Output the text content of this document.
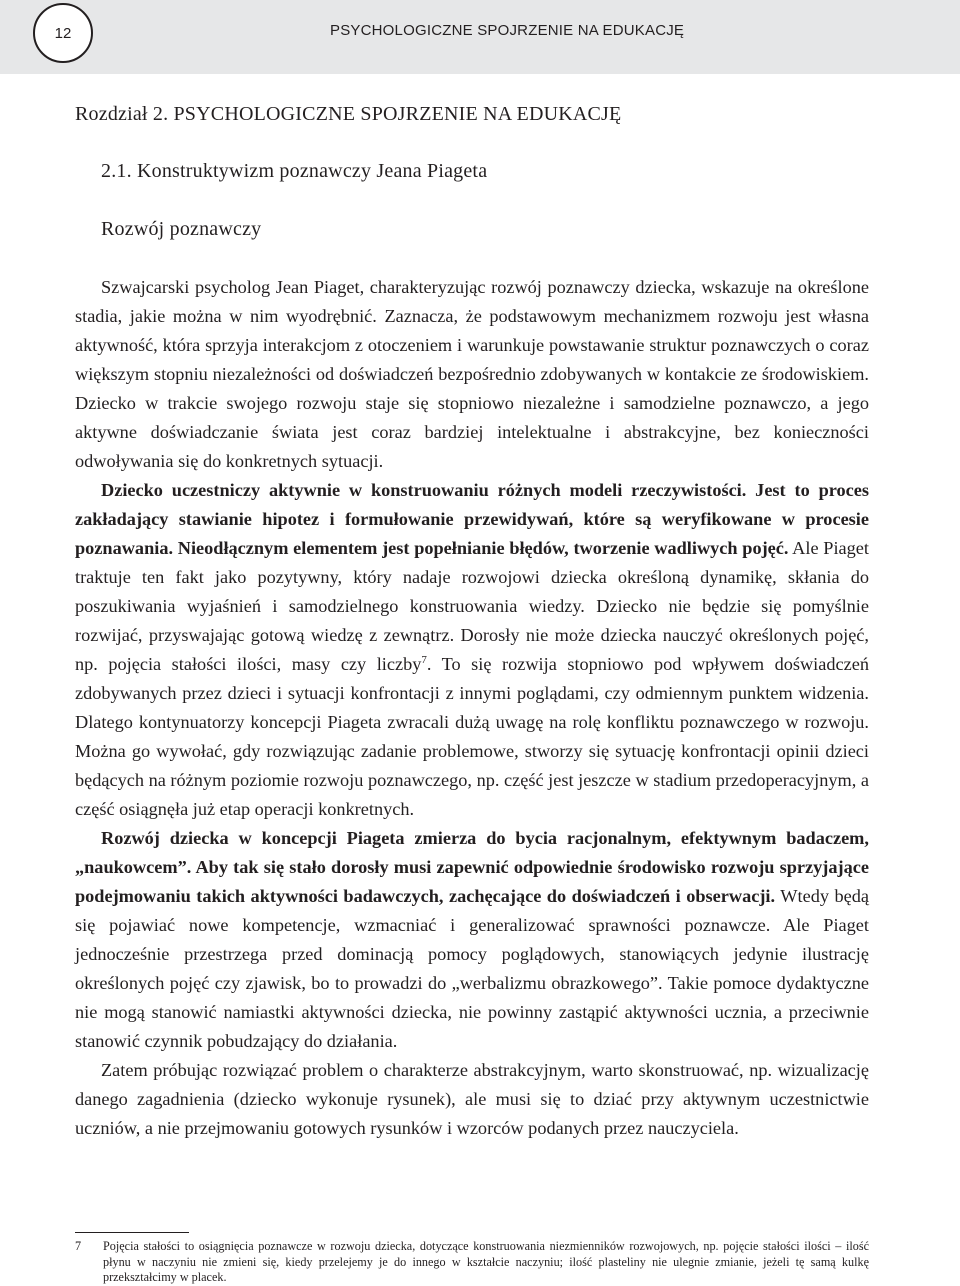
12	PSYCHOLOGICZNE SPOJRZENIE NA EDUKACJĘ
Rozdział 2. PSYCHOLOGICZNE SPOJRZENIE NA EDUKACJĘ
2.1. Konstruktywizm poznawczy Jeana Piageta
Rozwój poznawczy

Szwajcarski psycholog Jean Piaget, charakteryzując rozwój poznawczy dziecka, wskazuje na określone stadia, jakie można w nim wyodrębnić. Zaznacza, że podstawowym mechanizmem rozwoju jest własna aktywność, która sprzyja interakcjom z otoczeniem i warunkuje powstawanie struktur poznawczych o coraz większym stopniu niezależności od doświadczeń bezpośrednio zdobywanych w kontakcie ze środowiskiem. Dziecko w trakcie swojego rozwoju staje się stopniowo niezależne i samodzielne poznawczo, a jego aktywne doświadczanie świata jest coraz bardziej intelektualne i abstrakcyjne, bez konieczności odwoływania się do konkretnych sytuacji.

Dziecko uczestniczy aktywnie w konstruowaniu różnych modeli rzeczywistości. Jest to proces zakładający stawianie hipotez i formułowanie przewidywań, które są weryfikowane w procesie poznawania. Nieodłącznym elementem jest popełnianie błędów, tworzenie wadliwych pojęć. Ale Piaget traktuje ten fakt jako pozytywny, który nadaje rozwojowi dziecka określoną dynamikę, skłania do poszukiwania wyjaśnień i samodzielnego konstruowania wiedzy. Dziecko nie będzie się pomyślnie rozwijać, przyswajając gotową wiedzę z zewnątrz. Dorosły nie może dziecka nauczyć określonych pojęć, np. pojęcia stałości ilości, masy czy liczby$^7$. To się rozwija stopniowo pod wpływem doświadczeń zdobywanych przez dzieci i sytuacji konfrontacji z innymi poglądami, czy odmiennym punktem widzenia. Dlatego kontynuatorzy koncepcji Piageta zwracali dużą uwagę na rolę konfliktu poznawczego w rozwoju. Można go wywołać, gdy rozwiązując zadanie problemowe, stworzy się sytuację konfrontacji opinii dzieci będących na różnym poziomie rozwoju poznawczego, np. część jest jeszcze w stadium przedoperacyjnym, a część osiągnęła już etap operacji konkretnych.

Rozwój dziecka w koncepcji Piageta zmierza do bycia racjonalnym, efektywnym badaczem, „naukowcem”. Aby tak się stało dorosły musi zapewnić odpowiednie środowisko rozwoju sprzyjające podejmowaniu takich aktywności badawczych, zachęcające do doświadczeń i obserwacji. Wtedy będą się pojawiać nowe kompetencje, wzmacniać i generalizować sprawności poznawcze. Ale Piaget jednocześnie przestrzega przed dominacją pomocy poglądowych, stanowiących jedynie ilustrację określonych pojęć czy zjawisk, bo to prowadzi do „werbalizmu obrazkowego”. Takie pomoce dydaktyczne nie mogą stanowić namiastki aktywności dziecka, nie powinny zastąpić aktywności ucznia, a przeciwnie stanowić czynnik pobudzający do działania.

Zatem próbując rozwiązać problem o charakterze abstrakcyjnym, warto skonstruować, np. wizualizację danego zagadnienia (dziecko wykonuje rysunek), ale musi się to dziać przy aktywnym uczestnictwie uczniów, a nie przejmowaniu gotowych rysunków i wzorców podanych przez nauczyciela.

7 Pojęcia stałości to osiągnięcia poznawcze w rozwoju dziecka, dotyczące konstruowania niezmienników rozwojowych, np. pojęcie stałości ilości – ilość płynu w naczyniu nie zmieni się, kiedy przelejemy je do innego w kształcie naczyniu; ilość plasteliny nie ulegnie zmianie, jeżeli tę samą kulkę przekształcimy w placek.
